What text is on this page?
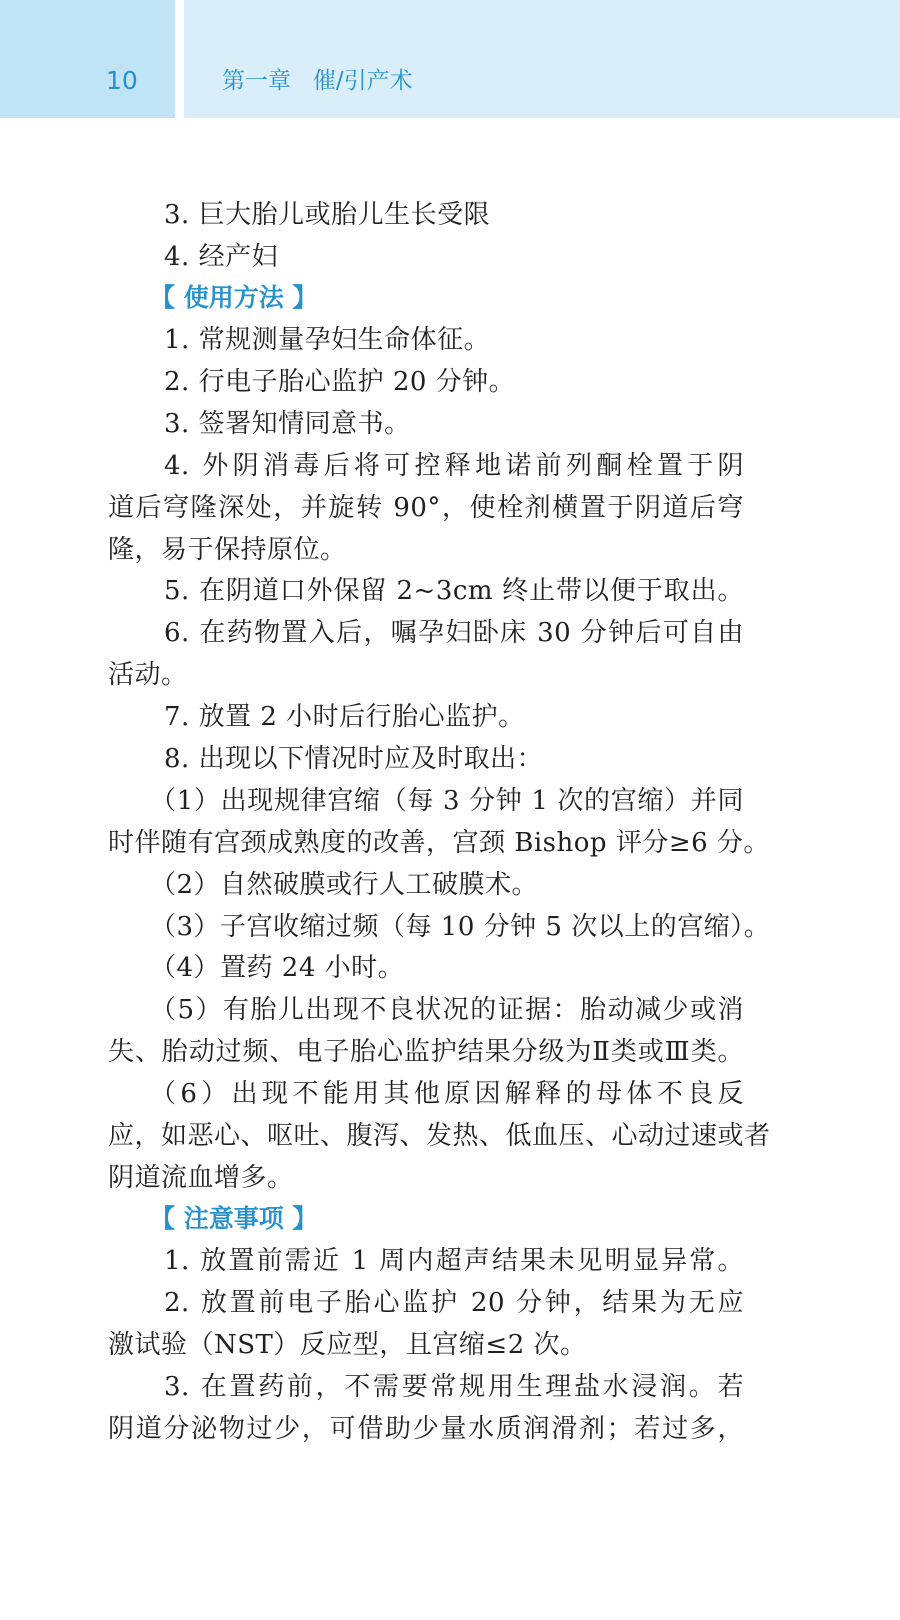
10	第一章   催/引产术
3. 巨大胎儿或胎儿生长受限
4. 经产妇
【 使用方法 】
1. 常规测量孕妇生命体征。
2. 行电子胎心监护 20 分钟。
3. 签署知情同意书。
4. 外阴消毒后将可控释地诺前列酮栓置于阴
道后穹隆深处，并旋转 90°，使栓剂横置于阴道后穹
隆，易于保持原位。
5. 在阴道口外保留 2~3cm 终止带以便于取出。
6. 在药物置入后，嘱孕妇卧床 30 分钟后可自由
活动。
7. 放置 2 小时后行胎心监护。
8. 出现以下情况时应及时取出：
（1）出现规律宫缩（每 3 分钟 1 次的宫缩）并同
时伴随有宫颈成熟度的改善，宫颈 Bishop 评分≥6 分。
（2）自然破膜或行人工破膜术。
（3）子宫收缩过频（每 10 分钟 5 次以上的宫缩）。
（4）置药 24 小时。
（5）有胎儿出现不良状况的证据：胎动减少或消
失、胎动过频、电子胎心监护结果分级为Ⅱ类或Ⅲ类。
（6）出现不能用其他原因解释的母体不良反
应，如恶心、呕吐、腹泻、发热、低血压、心动过速或者
阴道流血增多。
【 注意事项 】
1. 放置前需近 1 周内超声结果未见明显异常。
2. 放置前电子胎心监护 20 分钟，结果为无应
激试验（NST）反应型，且宫缩≤2 次。
3. 在置药前，不需要常规用生理盐水浸润。若
阴道分泌物过少，可借助少量水质润滑剂；若过多，
